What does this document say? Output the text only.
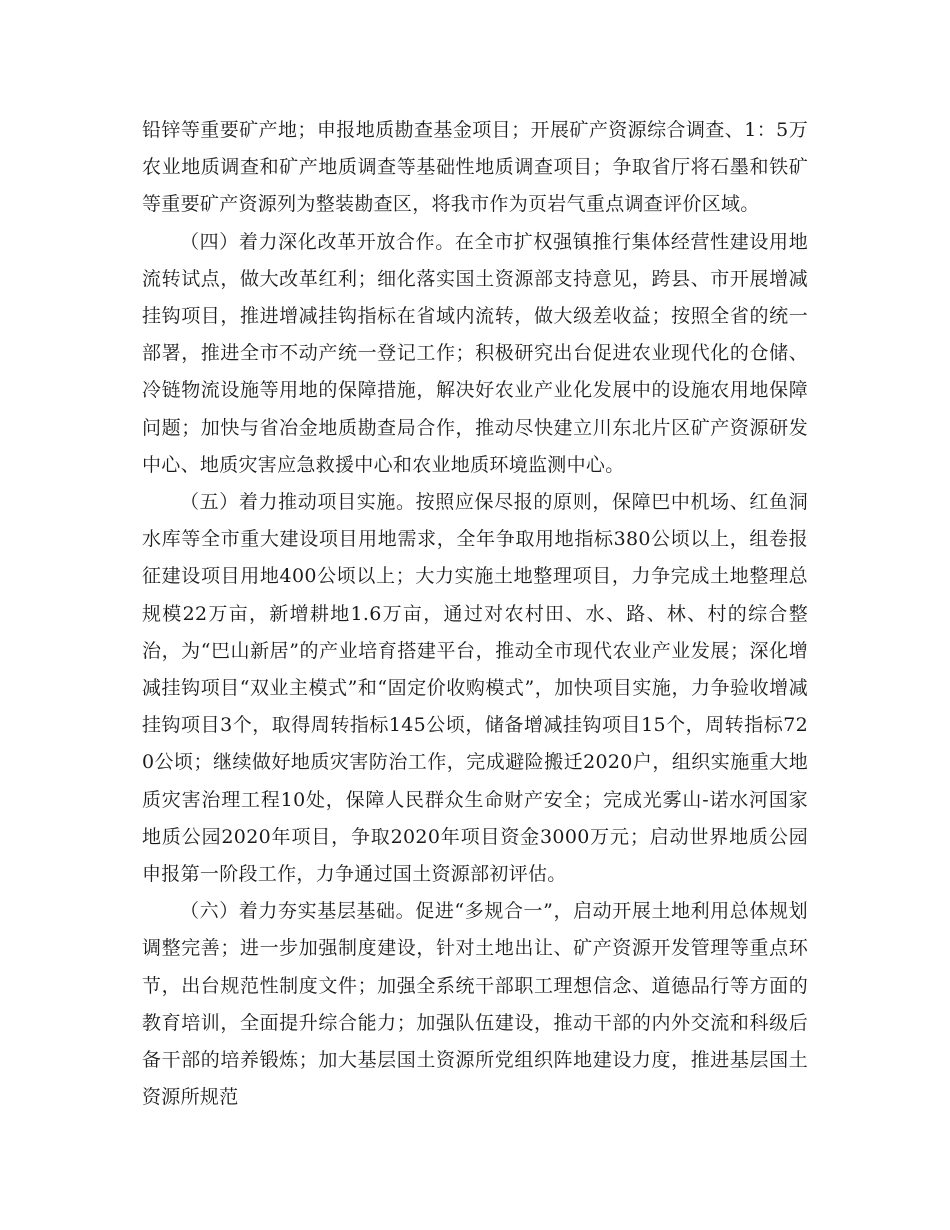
铅锌等重要矿产地；申报地质勘查基金项目；开展矿产资源综合调查、1：5万农业地质调查和矿产地质调查等基础性地质调查项目；争取省厅将石墨和铁矿等重要矿产资源列为整装勘查区，将我市作为页岩气重点调查评价区域。

（四）着力深化改革开放合作。在全市扩权强镇推行集体经营性建设用地流转试点，做大改革红利；细化落实国土资源部支持意见，跨县、市开展增减挂钩项目，推进增减挂钩指标在省域内流转，做大级差收益；按照全省的统一部署，推进全市不动产统一登记工作；积极研究出台促进农业现代化的仓储、冷链物流设施等用地的保障措施，解决好农业产业化发展中的设施农用地保障问题；加快与省冶金地质勘查局合作，推动尽快建立川东北片区矿产资源研发中心、地质灾害应急救援中心和农业地质环境监测中心。

（五）着力推动项目实施。按照应保尽报的原则，保障巴中机场、红鱼洞水库等全市重大建设项目用地需求，全年争取用地指标380公顷以上，组卷报征建设项目用地400公顷以上；大力实施土地整理项目，力争完成土地整理总规模22万亩，新增耕地1.6万亩，通过对农村田、水、路、林、村的综合整治，为“巴山新居”的产业培育搭建平台，推动全市现代农业产业发展；深化增减挂钩项目“双业主模式”和“固定价收购模式”，加快项目实施，力争验收增减挂钩项目3个，取得周转指标145公顷，储备增减挂钩项目15个，周转指标720公顷；继续做好地质灾害防治工作，完成避险搬迁2020户，组织实施重大地质灾害治理工程10处，保障人民群众生命财产安全；完成光雾山-诺水河国家地质公园2020年项目，争取2020年项目资金3000万元；启动世界地质公园申报第一阶段工作，力争通过国土资源部初评估。

（六）着力夯实基层基础。促进“多规合一”，启动开展土地利用总体规划调整完善；进一步加强制度建设，针对土地出让、矿产资源开发管理等重点环节，出台规范性制度文件；加强全系统干部职工理想信念、道德品行等方面的教育培训，全面提升综合能力；加强队伍建设，推动干部的内外交流和科级后备干部的培养锻炼；加大基层国土资源所党组织阵地建设力度，推进基层国土资源所规范
